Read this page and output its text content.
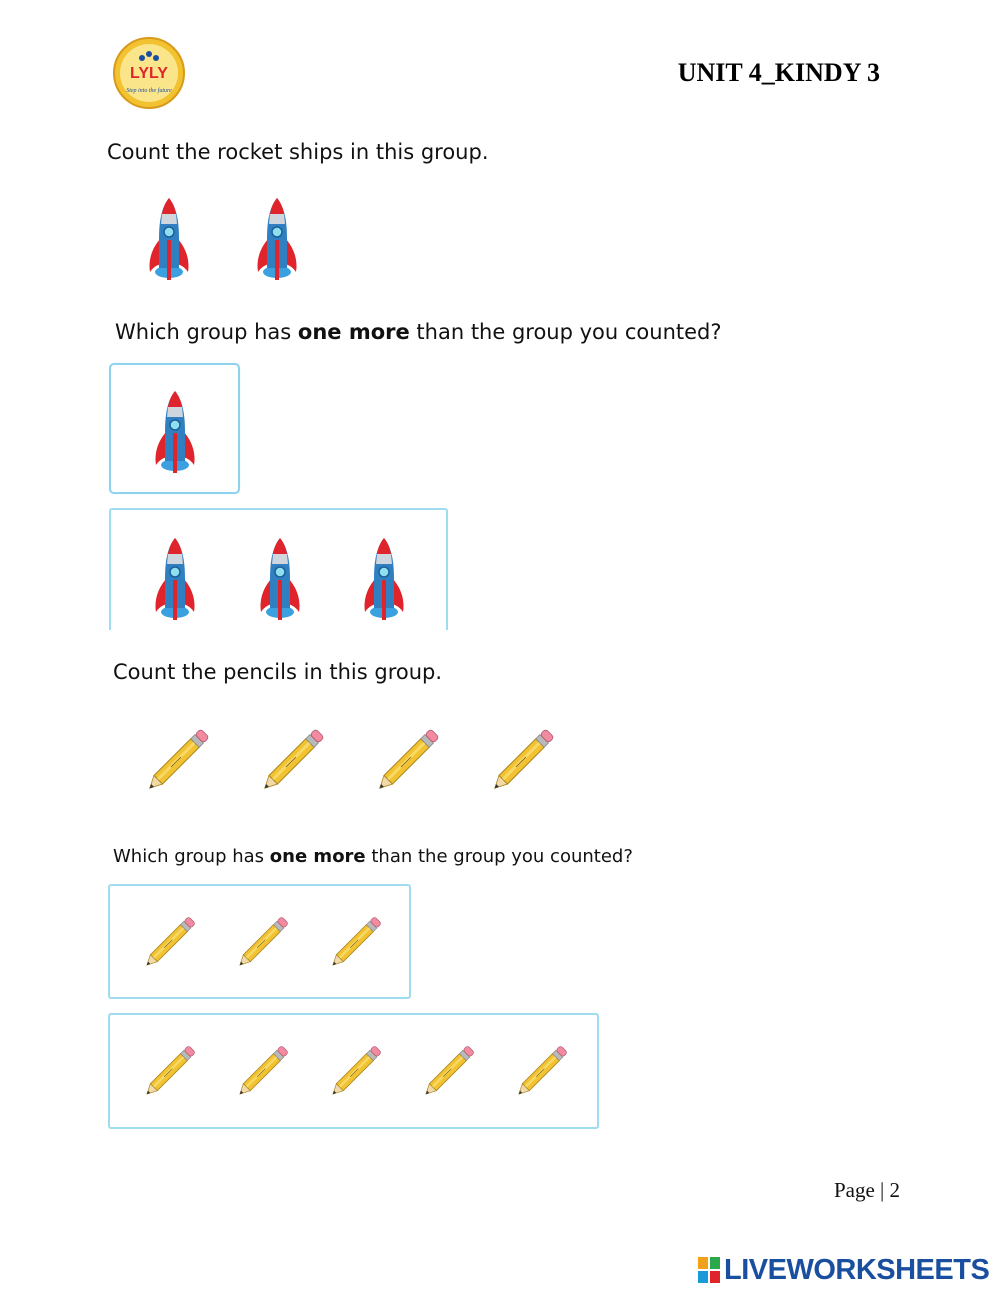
LYLY
Step into the future
UNIT 4_KINDY 3
Count the rocket ships in this group.
Which group has one more than the group you counted?
Count the pencils in this group.
Which group has one more than the group you counted?
Page | 2
LIVEWORKSHEETS
